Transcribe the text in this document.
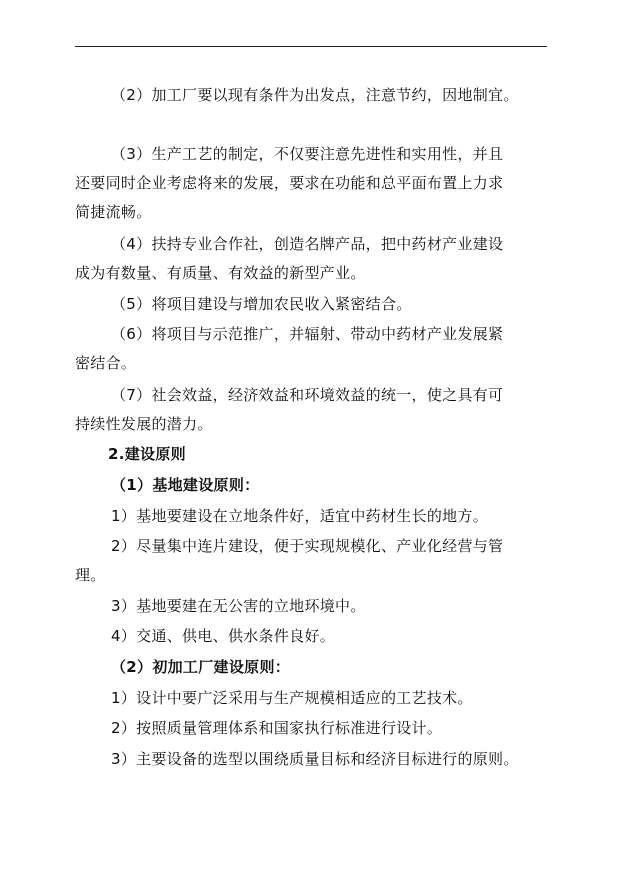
（2）加工厂要以现有条件为出发点，注意节约，因地制宜。
（3）生产工艺的制定，不仅要注意先进性和实用性，并且
还要同时企业考虑将来的发展，要求在功能和总平面布置上力求
简捷流畅。
（4）扶持专业合作社，创造名牌产品，把中药材产业建设
成为有数量、有质量、有效益的新型产业。
（5）将项目建设与增加农民收入紧密结合。
（6）将项目与示范推广，并辐射、带动中药材产业发展紧
密结合。
（7）社会效益，经济效益和环境效益的统一，使之具有可
持续性发展的潜力。
2.建设原则
（1）基地建设原则：
1）基地要建设在立地条件好，适宜中药材生长的地方。
2）尽量集中连片建设，便于实现规模化、产业化经营与管
理。
3）基地要建在无公害的立地环境中。
4）交通、供电、供水条件良好。
（2）初加工厂建设原则：
1）设计中要广泛采用与生产规模相适应的工艺技术。
2）按照质量管理体系和国家执行标准进行设计。
3）主要设备的选型以围绕质量目标和经济目标进行的原则。
